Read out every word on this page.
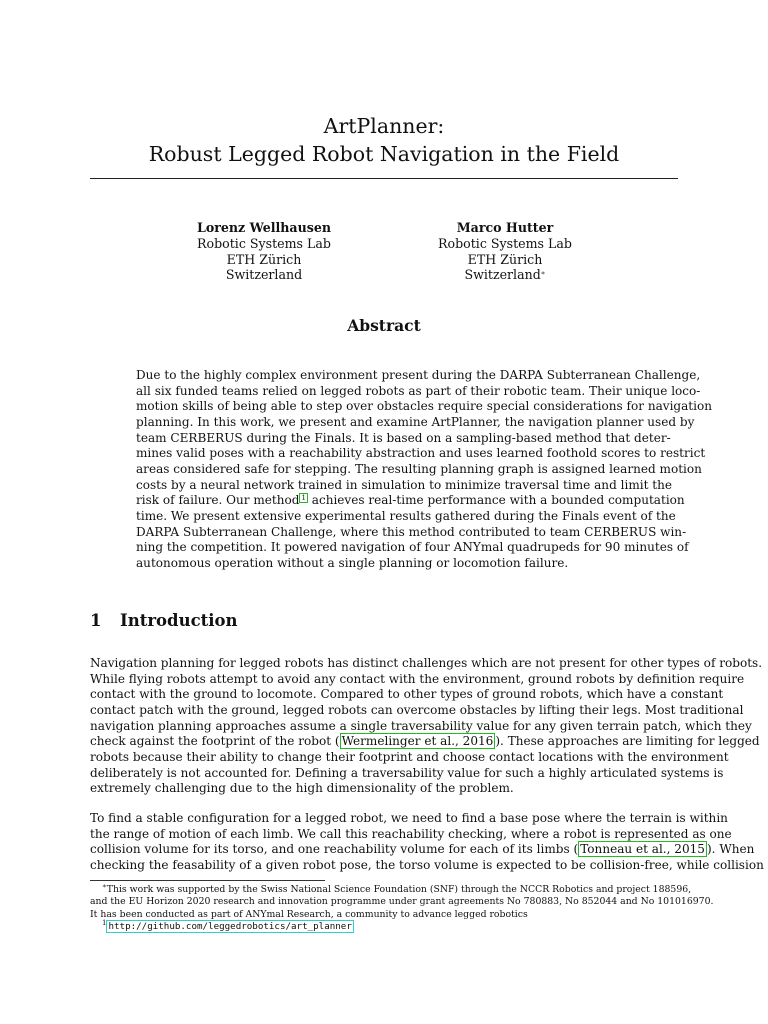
ArtPlanner:
Robust Legged Robot Navigation in the Field
Lorenz Wellhausen
Robotic Systems Lab
ETH Zürich
Switzerland
Marco Hutter
Robotic Systems Lab
ETH Zürich
Switzerland∗
Abstract
Due to the highly complex environment present during the DARPA Subterranean Challenge,
all six funded teams relied on legged robots as part of their robotic team. Their unique loco-
motion skills of being able to step over obstacles require special considerations for navigation
planning. In this work, we present and examine ArtPlanner, the navigation planner used by
team CERBERUS during the Finals. It is based on a sampling-based method that deter-
mines valid poses with a reachability abstraction and uses learned foothold scores to restrict
areas considered safe for stepping. The resulting planning graph is assigned learned motion
costs by a neural network trained in simulation to minimize traversal time and limit the
risk of failure. Our method $^1$ achieves real-time performance with a bounded computation
time. We present extensive experimental results gathered during the Finals event of the
DARPA Subterranean Challenge, where this method contributed to team CERBERUS win-
ning the competition. It powered navigation of four ANYmal quadrupeds for 90 minutes of
autonomous operation without a single planning or locomotion failure.
1 Introduction
Navigation planning for legged robots has distinct challenges which are not present for other types of robots.
While flying robots attempt to avoid any contact with the environment, ground robots by definition require
contact with the ground to locomote. Compared to other types of ground robots, which have a constant
contact patch with the ground, legged robots can overcome obstacles by lifting their legs. Most traditional
navigation planning approaches assume a single traversability value for any given terrain patch, which they
check against the footprint of the robot ( Wermelinger et al., 2016 ). These approaches are limiting for legged
robots because their ability to change their footprint and choose contact locations with the environment
deliberately is not accounted for. Defining a traversability value for such a highly articulated systems is
extremely challenging due to the high dimensionality of the problem.
To find a stable configuration for a legged robot, we need to find a base pose where the terrain is within
the range of motion of each limb. We call this reachability checking, where a robot is represented as one
collision volume for its torso, and one reachability volume for each of its limbs ( Tonneau et al., 2015 ). When
checking the feasability of a given robot pose, the torso volume is expected to be collision-free, while collision
∗This work was supported by the Swiss National Science Foundation (SNF) through the NCCR Robotics and project 188596,
and the EU Horizon 2020 research and innovation programme under grant agreements No 780883, No 852044 and No 101016970.
It has been conducted as part of ANYmal Research, a community to advance legged robotics
$^1$ http://github.com/leggedrobotics/art_planner
